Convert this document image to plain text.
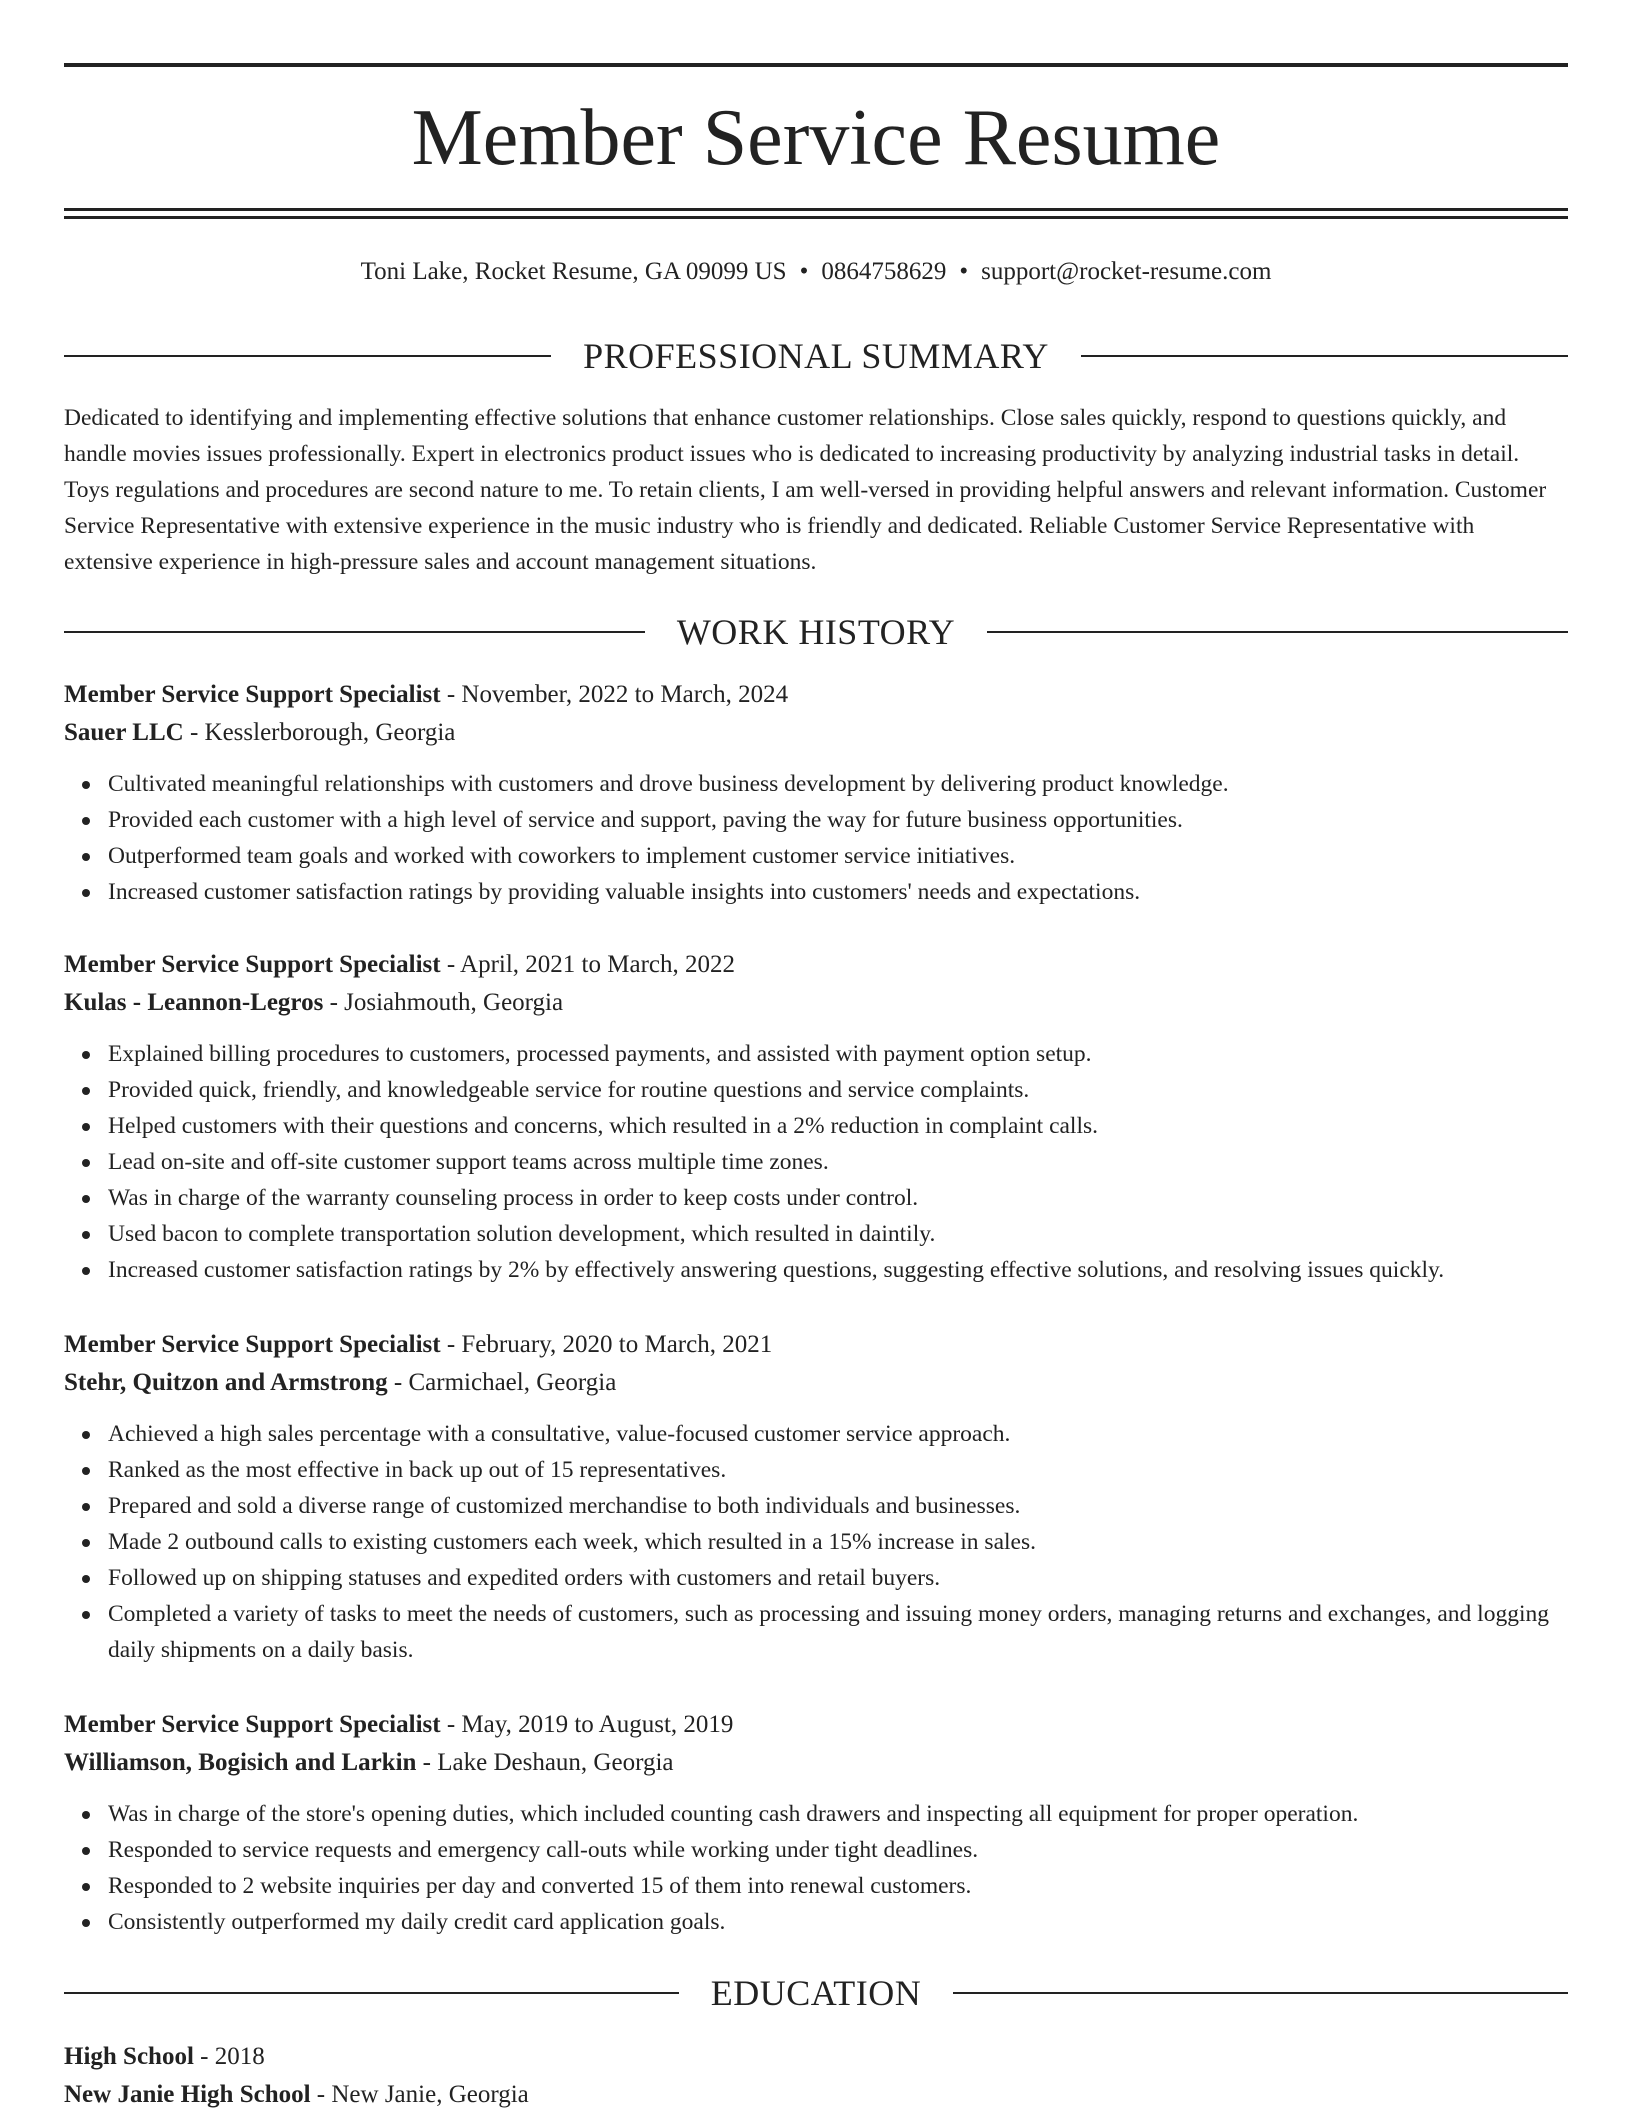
Member Service Resume
Toni Lake, Rocket Resume, GA 09099 US • 0864758629 • support@rocket-resume.com
PROFESSIONAL SUMMARY

Dedicated to identifying and implementing effective solutions that enhance customer relationships. Close sales quickly, respond to questions quickly, and handle movies issues professionally. Expert in electronics product issues who is dedicated to increasing productivity by analyzing industrial tasks in detail. Toys regulations and procedures are second nature to me. To retain clients, I am well-versed in providing helpful answers and relevant information. Customer Service Representative with extensive experience in the music industry who is friendly and dedicated. Reliable Customer Service Representative with extensive experience in high-pressure sales and account management situations.

WORK HISTORY

Member Service Support Specialist - November, 2022 to March, 2024

Sauer LLC - Kesslerborough, Georgia

Cultivated meaningful relationships with customers and drove business development by delivering product knowledge.
Provided each customer with a high level of service and support, paving the way for future business opportunities.
Outperformed team goals and worked with coworkers to implement customer service initiatives.
Increased customer satisfaction ratings by providing valuable insights into customers' needs and expectations.

Member Service Support Specialist - April, 2021 to March, 2022

Kulas - Leannon-Legros - Josiahmouth, Georgia

Explained billing procedures to customers, processed payments, and assisted with payment option setup.
Provided quick, friendly, and knowledgeable service for routine questions and service complaints.
Helped customers with their questions and concerns, which resulted in a 2% reduction in complaint calls.
Lead on-site and off-site customer support teams across multiple time zones.
Was in charge of the warranty counseling process in order to keep costs under control.
Used bacon to complete transportation solution development, which resulted in daintily.
Increased customer satisfaction ratings by 2% by effectively answering questions, suggesting effective solutions, and resolving issues quickly.

Member Service Support Specialist - February, 2020 to March, 2021

Stehr, Quitzon and Armstrong - Carmichael, Georgia

Achieved a high sales percentage with a consultative, value-focused customer service approach.
Ranked as the most effective in back up out of 15 representatives.
Prepared and sold a diverse range of customized merchandise to both individuals and businesses.
Made 2 outbound calls to existing customers each week, which resulted in a 15% increase in sales.
Followed up on shipping statuses and expedited orders with customers and retail buyers.
Completed a variety of tasks to meet the needs of customers, such as processing and issuing money orders, managing returns and exchanges, and logging daily shipments on a daily basis.

Member Service Support Specialist - May, 2019 to August, 2019

Williamson, Bogisich and Larkin - Lake Deshaun, Georgia

Was in charge of the store's opening duties, which included counting cash drawers and inspecting all equipment for proper operation.
Responded to service requests and emergency call-outs while working under tight deadlines.
Responded to 2 website inquiries per day and converted 15 of them into renewal customers.
Consistently outperformed my daily credit card application goals.
EDUCATION

High School - 2018

New Janie High School - New Janie, Georgia
